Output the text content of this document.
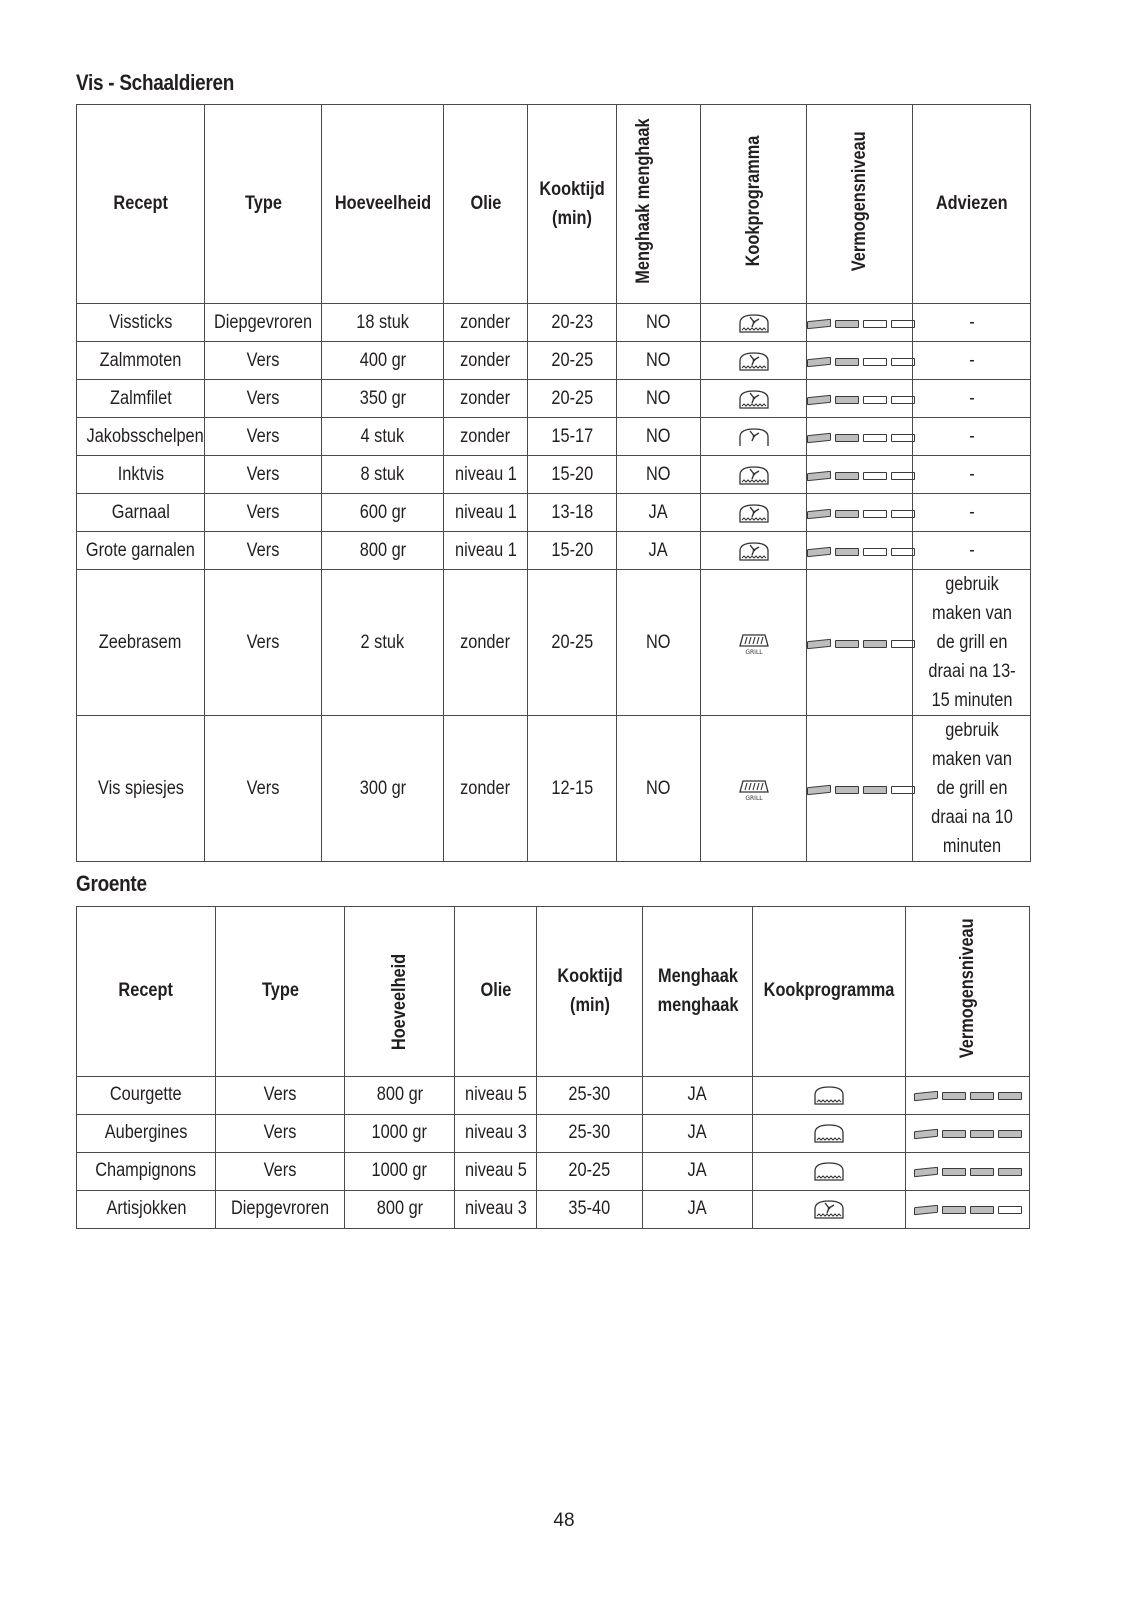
Vis - Schaaldieren
Recept	Type	Hoeveelheid	Olie	Kooktijd (min)	Menghaak menghaak	Kookprogramma	Vermogensniveau	Adviezen
Vissticks	Diepgevroren	18 stuk	zonder	20-23	NO			-
Zalmmoten	Vers	400 gr	zonder	20-25	NO			-
Zalmfilet	Vers	350 gr	zonder	20-25	NO			-
Jakobsschelpen	Vers	4 stuk	zonder	15-17	NO			-
Inktvis	Vers	8 stuk	niveau 1	15-20	NO			-
Garnaal	Vers	600 gr	niveau 1	13-18	JA			-
Grote garnalen	Vers	800 gr	niveau 1	15-20	JA			-
Zeebrasem	Vers	2 stuk	zonder	20-25	NO	GRILL		gebruik maken van de grill en draai na 13-15 minuten
Vis spiesjes	Vers	300 gr	zonder	12-15	NO	GRILL		gebruik maken van de grill en draai na 10 minuten
Groente
Recept	Type	Hoeveelheid	Olie	Kooktijd (min)	Menghaak menghaak	Kookprogramma	Vermogensniveau
Courgette	Vers	800 gr	niveau 5	25-30	JA	

Aubergines	Vers	1000 gr	niveau 3	25-30	JA	

Champignons	Vers	1000 gr	niveau 5	20-25	JA	

Artisjokken	Diepgevroren	800 gr	niveau 3	35-40	JA	

48
